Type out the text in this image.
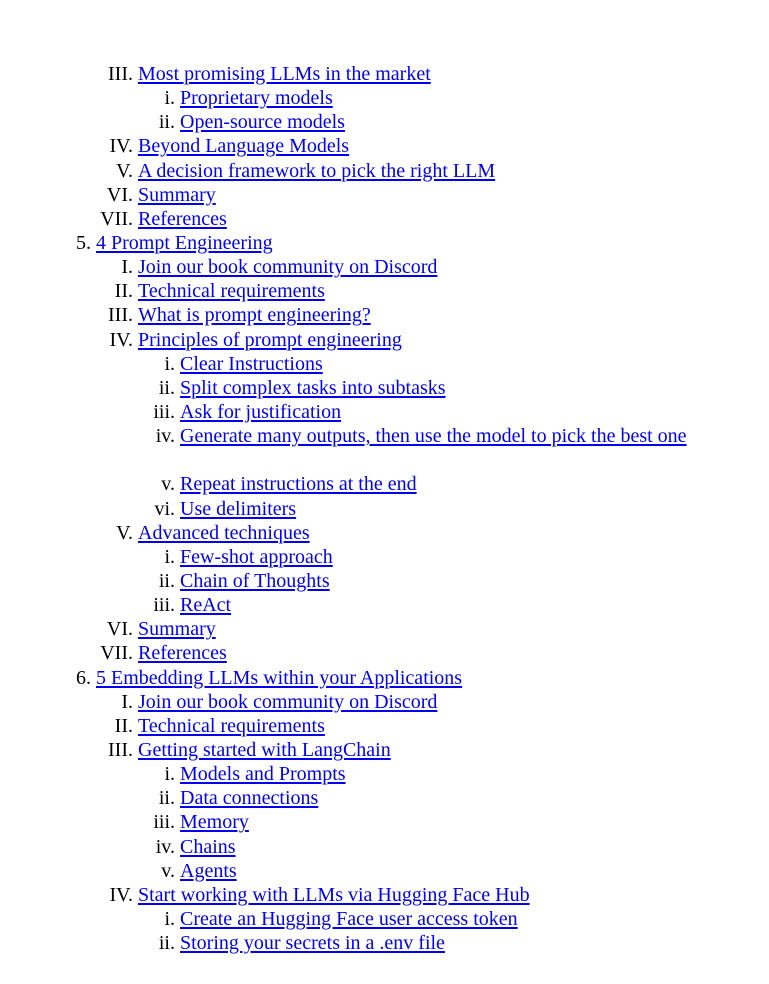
III. Most promising LLMs in the market
i. Proprietary models
ii. Open-source models
IV. Beyond Language Models
V. A decision framework to pick the right LLM
VI. Summary
VII. References
5. 4 Prompt Engineering
I. Join our book community on Discord
II. Technical requirements
III. What is prompt engineering?
IV. Principles of prompt engineering
i. Clear Instructions
ii. Split complex tasks into subtasks
iii. Ask for justification
iv. Generate many outputs, then use the model to pick the best one
v. Repeat instructions at the end
vi. Use delimiters
V. Advanced techniques
i. Few-shot approach
ii. Chain of Thoughts
iii. ReAct
VI. Summary
VII. References
6. 5 Embedding LLMs within your Applications
I. Join our book community on Discord
II. Technical requirements
III. Getting started with LangChain
i. Models and Prompts
ii. Data connections
iii. Memory
iv. Chains
v. Agents
IV. Start working with LLMs via Hugging Face Hub
i. Create an Hugging Face user access token
ii. Storing your secrets in a .env file
